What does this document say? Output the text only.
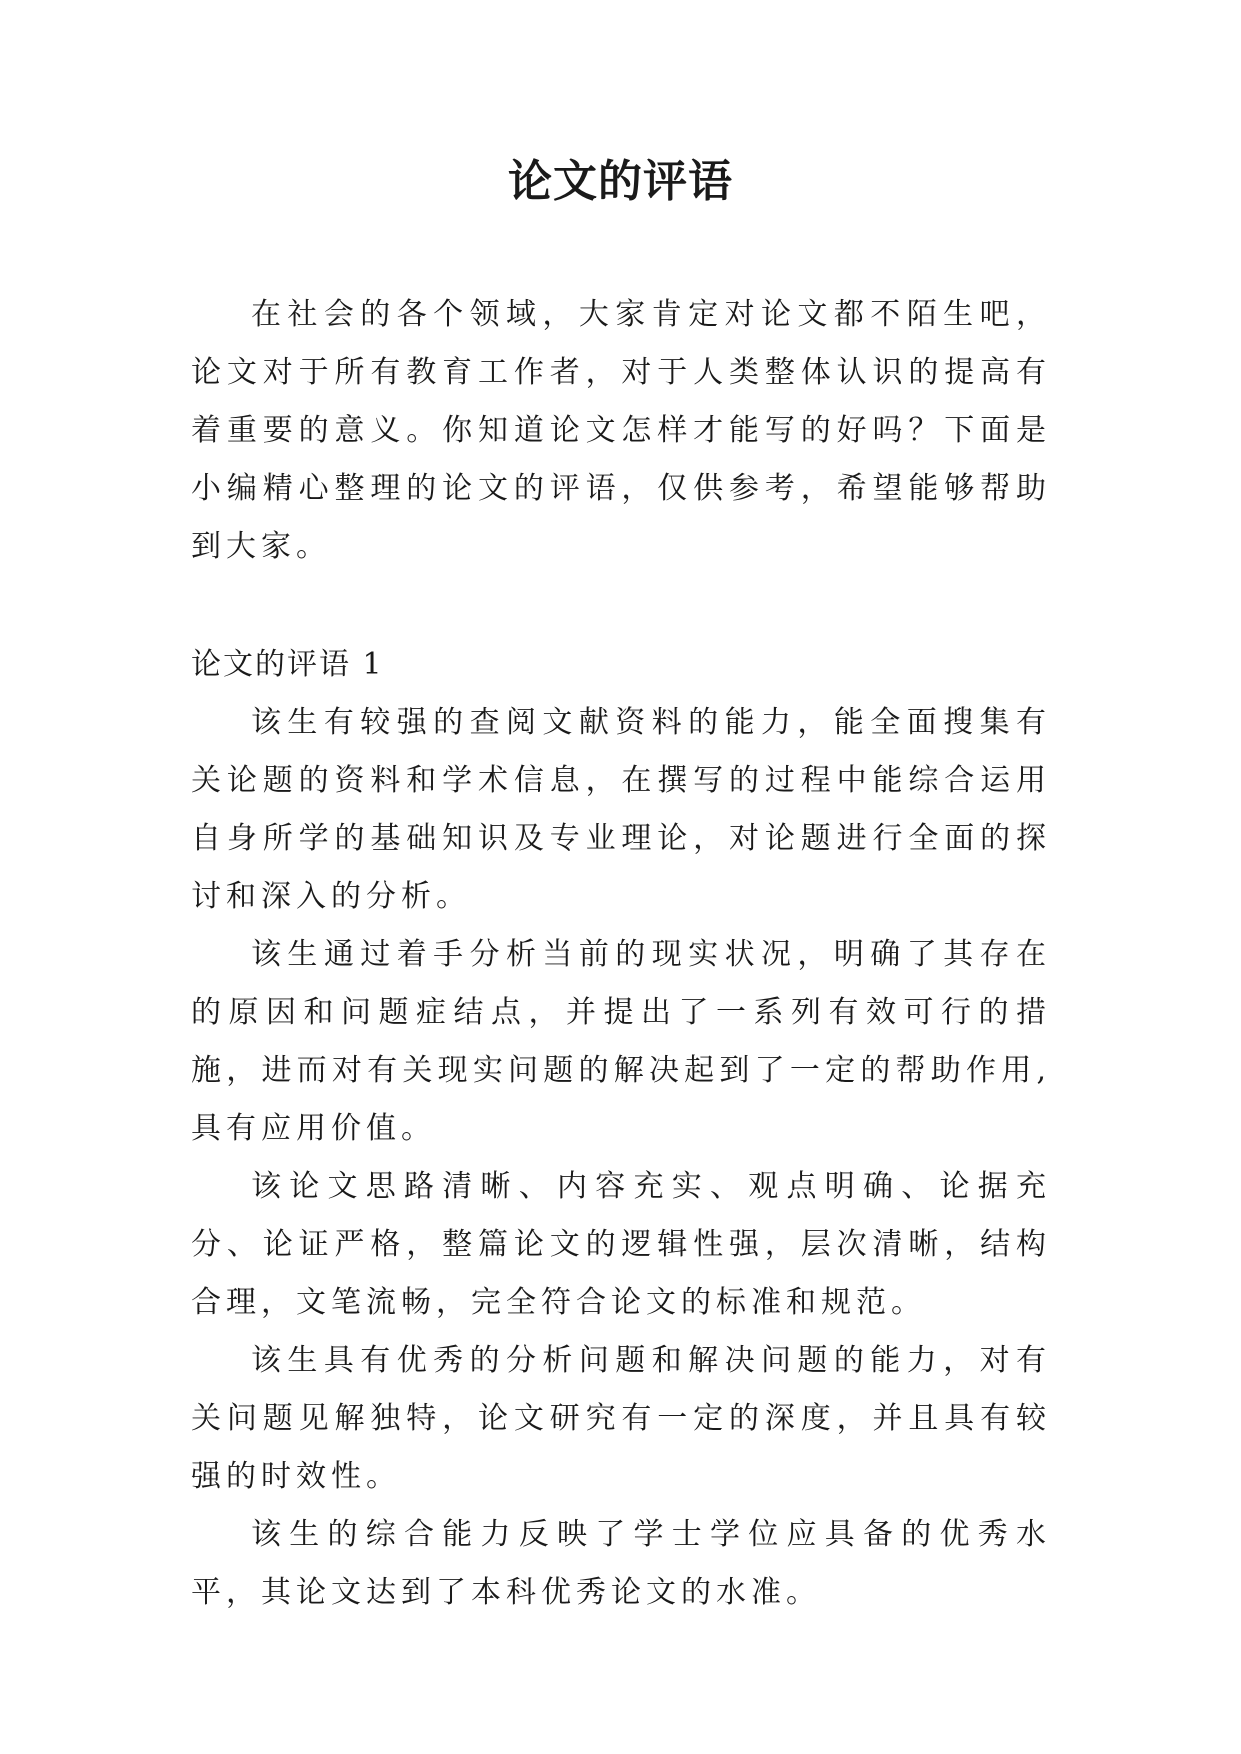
论文的评语

在社会的各个领域，大家肯定对论文都不陌生吧，论文对于所有教育工作者，对于人类整体认识的提高有着重要的意义。你知道论文怎样才能写的好吗？下面是小编精心整理的论文的评语，仅供参考，希望能够帮助到大家。

论文的评语 1

该生有较强的查阅文献资料的能力，能全面搜集有关论题的资料和学术信息，在撰写的过程中能综合运用自身所学的基础知识及专业理论，对论题进行全面的探讨和深入的分析。

该生通过着手分析当前的现实状况，明确了其存在的原因和问题症结点，并提出了一系列有效可行的措施，进而对有关现实问题的解决起到了一定的帮助作用,具有应用价值。

该论文思路清晰、内容充实、观点明确、论据充分、论证严格，整篇论文的逻辑性强，层次清晰，结构合理，文笔流畅，完全符合论文的标准和规范。

该生具有优秀的分析问题和解决问题的能力，对有关问题见解独特，论文研究有一定的深度，并且具有较强的时效性。

该生的综合能力反映了学士学位应具备的优秀水平，其论文达到了本科优秀论文的水准。
